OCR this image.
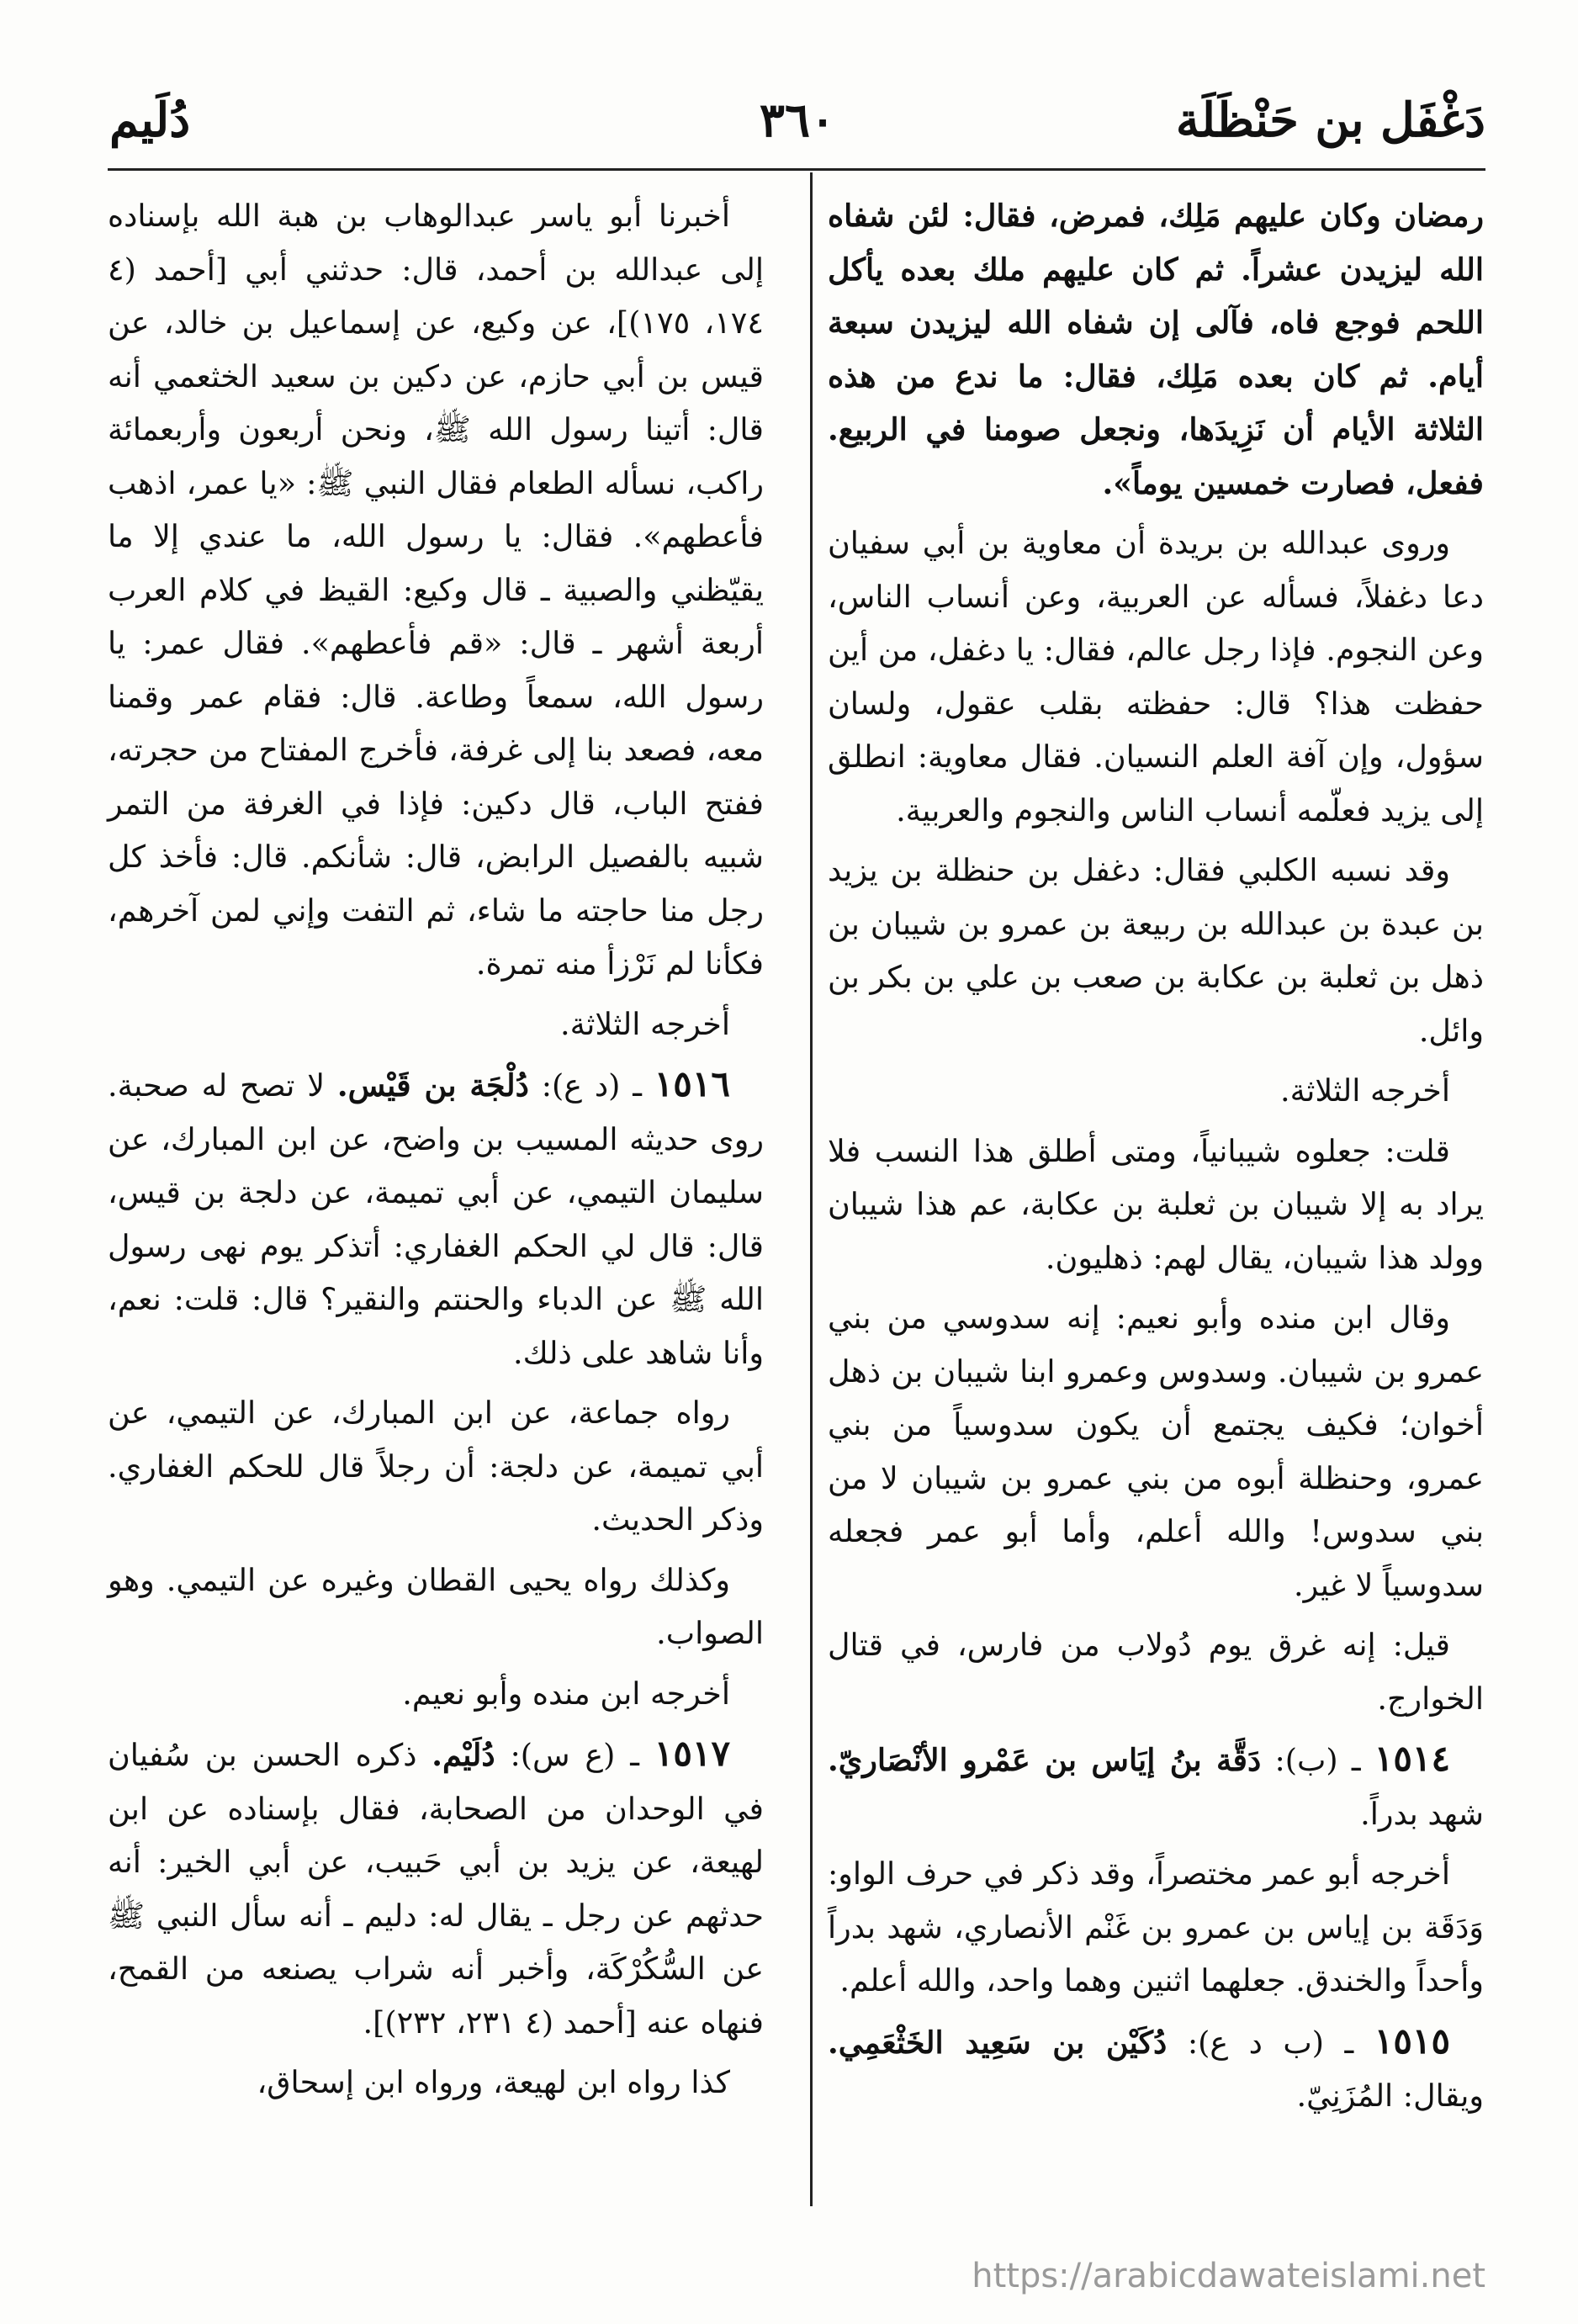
دَغْفَل بن حَنْظَلَة
٣٦٠
دُلَيم

رمضان وكان عليهم مَلِك، فمرض، فقال: لئن شفاه الله ليزيدن عشراً. ثم كان عليهم ملك بعده يأكل اللحم فوجع فاه، فآلى إن شفاه الله ليزيدن سبعة أيام. ثم كان بعده مَلِك، فقال: ما ندع من هذه الثلاثة الأيام أن نَزِيدَها، ونجعل صومنا في الربيع. ففعل، فصارت خمسين يوماً».

وروى عبدالله بن بريدة أن معاوية بن أبي سفيان دعا دغفلاً، فسأله عن العربية، وعن أنساب الناس، وعن النجوم. فإذا رجل عالم، فقال: يا دغفل، من أين حفظت هذا؟ قال: حفظته بقلب عقول، ولسان سؤول، وإن آفة العلم النسيان. فقال معاوية: انطلق إلى يزيد فعلّمه أنساب الناس والنجوم والعربية.

وقد نسبه الكلبي فقال: دغفل بن حنظلة بن يزيد بن عبدة بن عبدالله بن ربيعة بن عمرو بن شيبان بن ذهل بن ثعلبة بن عكابة بن صعب بن علي بن بكر بن وائل.

أخرجه الثلاثة.

قلت: جعلوه شيبانياً، ومتى أطلق هذا النسب فلا يراد به إلا شيبان بن ثعلبة بن عكابة، عم هذا شيبان وولد هذا شيبان، يقال لهم: ذهليون.

وقال ابن منده وأبو نعيم: إنه سدوسي من بني عمرو بن شيبان. وسدوس وعمرو ابنا شيبان بن ذهل أخوان؛ فكيف يجتمع أن يكون سدوسياً من بني عمرو، وحنظلة أبوه من بني عمرو بن شيبان لا من بني سدوس! والله أعلم، وأما أبو عمر فجعله سدوسياً لا غير.

قيل: إنه غرق يوم دُولاب من فارس، في قتال الخوارج.

١٥١٤ ـ (ب): دَقَّة بنُ إيَاس بن عَمْرو الأنْصَاريّ. شهد بدراً.

أخرجه أبو عمر مختصراً، وقد ذكر في حرف الواو: وَدَقَة بن إياس بن عمرو بن غَنْم الأنصاري، شهد بدراً وأحداً والخندق. جعلهما اثنين وهما واحد، والله أعلم.

١٥١٥ ـ (ب د ع): دُكَيْن بن سَعِيد الخَثْعَمِي. ويقال: المُزَنِيّ.

أخبرنا أبو ياسر عبدالوهاب بن هبة الله بإسناده إلى عبدالله بن أحمد، قال: حدثني أبي [أحمد (٤ ١٧٤، ١٧٥)]، عن وكيع، عن إسماعيل بن خالد، عن قيس بن أبي حازم، عن دكين بن سعيد الخثعمي أنه قال: أتينا رسول الله ﷺ، ونحن أربعون وأربعمائة راكب، نسأله الطعام فقال النبي ﷺ: «يا عمر، اذهب فأعطهم». فقال: يا رسول الله، ما عندي إلا ما يقيّظني والصبية ـ قال وكيع: القيظ في كلام العرب أربعة أشهر ـ قال: «قم فأعطهم». فقال عمر: يا رسول الله، سمعاً وطاعة. قال: فقام عمر وقمنا معه، فصعد بنا إلى غرفة، فأخرج المفتاح من حجرته، ففتح الباب، قال دكين: فإذا في الغرفة من التمر شبيه بالفصيل الرابض، قال: شأنكم. قال: فأخذ كل رجل منا حاجته ما شاء، ثم التفت وإني لمن آخرهم، فكأنا لم نَرْزأ منه تمرة.

أخرجه الثلاثة.

١٥١٦ ـ (د ع): دُلْجَة بن قَيْس. لا تصح له صحبة. روى حديثه المسيب بن واضح، عن ابن المبارك، عن سليمان التيمي، عن أبي تميمة، عن دلجة بن قيس، قال: قال لي الحكم الغفاري: أتذكر يوم نهى رسول الله ﷺ عن الدباء والحنتم والنقير؟ قال: قلت: نعم، وأنا شاهد على ذلك.

رواه جماعة، عن ابن المبارك، عن التيمي، عن أبي تميمة، عن دلجة: أن رجلاً قال للحكم الغفاري. وذكر الحديث.

وكذلك رواه يحيى القطان وغيره عن التيمي. وهو الصواب.

أخرجه ابن منده وأبو نعيم.

١٥١٧ ـ (ع س): دُلَيْم. ذكره الحسن بن سُفيان في الوحدان من الصحابة، فقال بإسناده عن ابن لهيعة، عن يزيد بن أبي حَبيب، عن أبي الخير: أنه حدثهم عن رجل ـ يقال له: دليم ـ أنه سأل النبي ﷺ عن السُّكُرْكَة، وأخبر أنه شراب يصنعه من القمح، فنهاه عنه [أحمد (٤ ٢٣١، ٢٣٢)].

كذا رواه ابن لهيعة، ورواه ابن إسحاق،

https://arabicdawateislami.net
